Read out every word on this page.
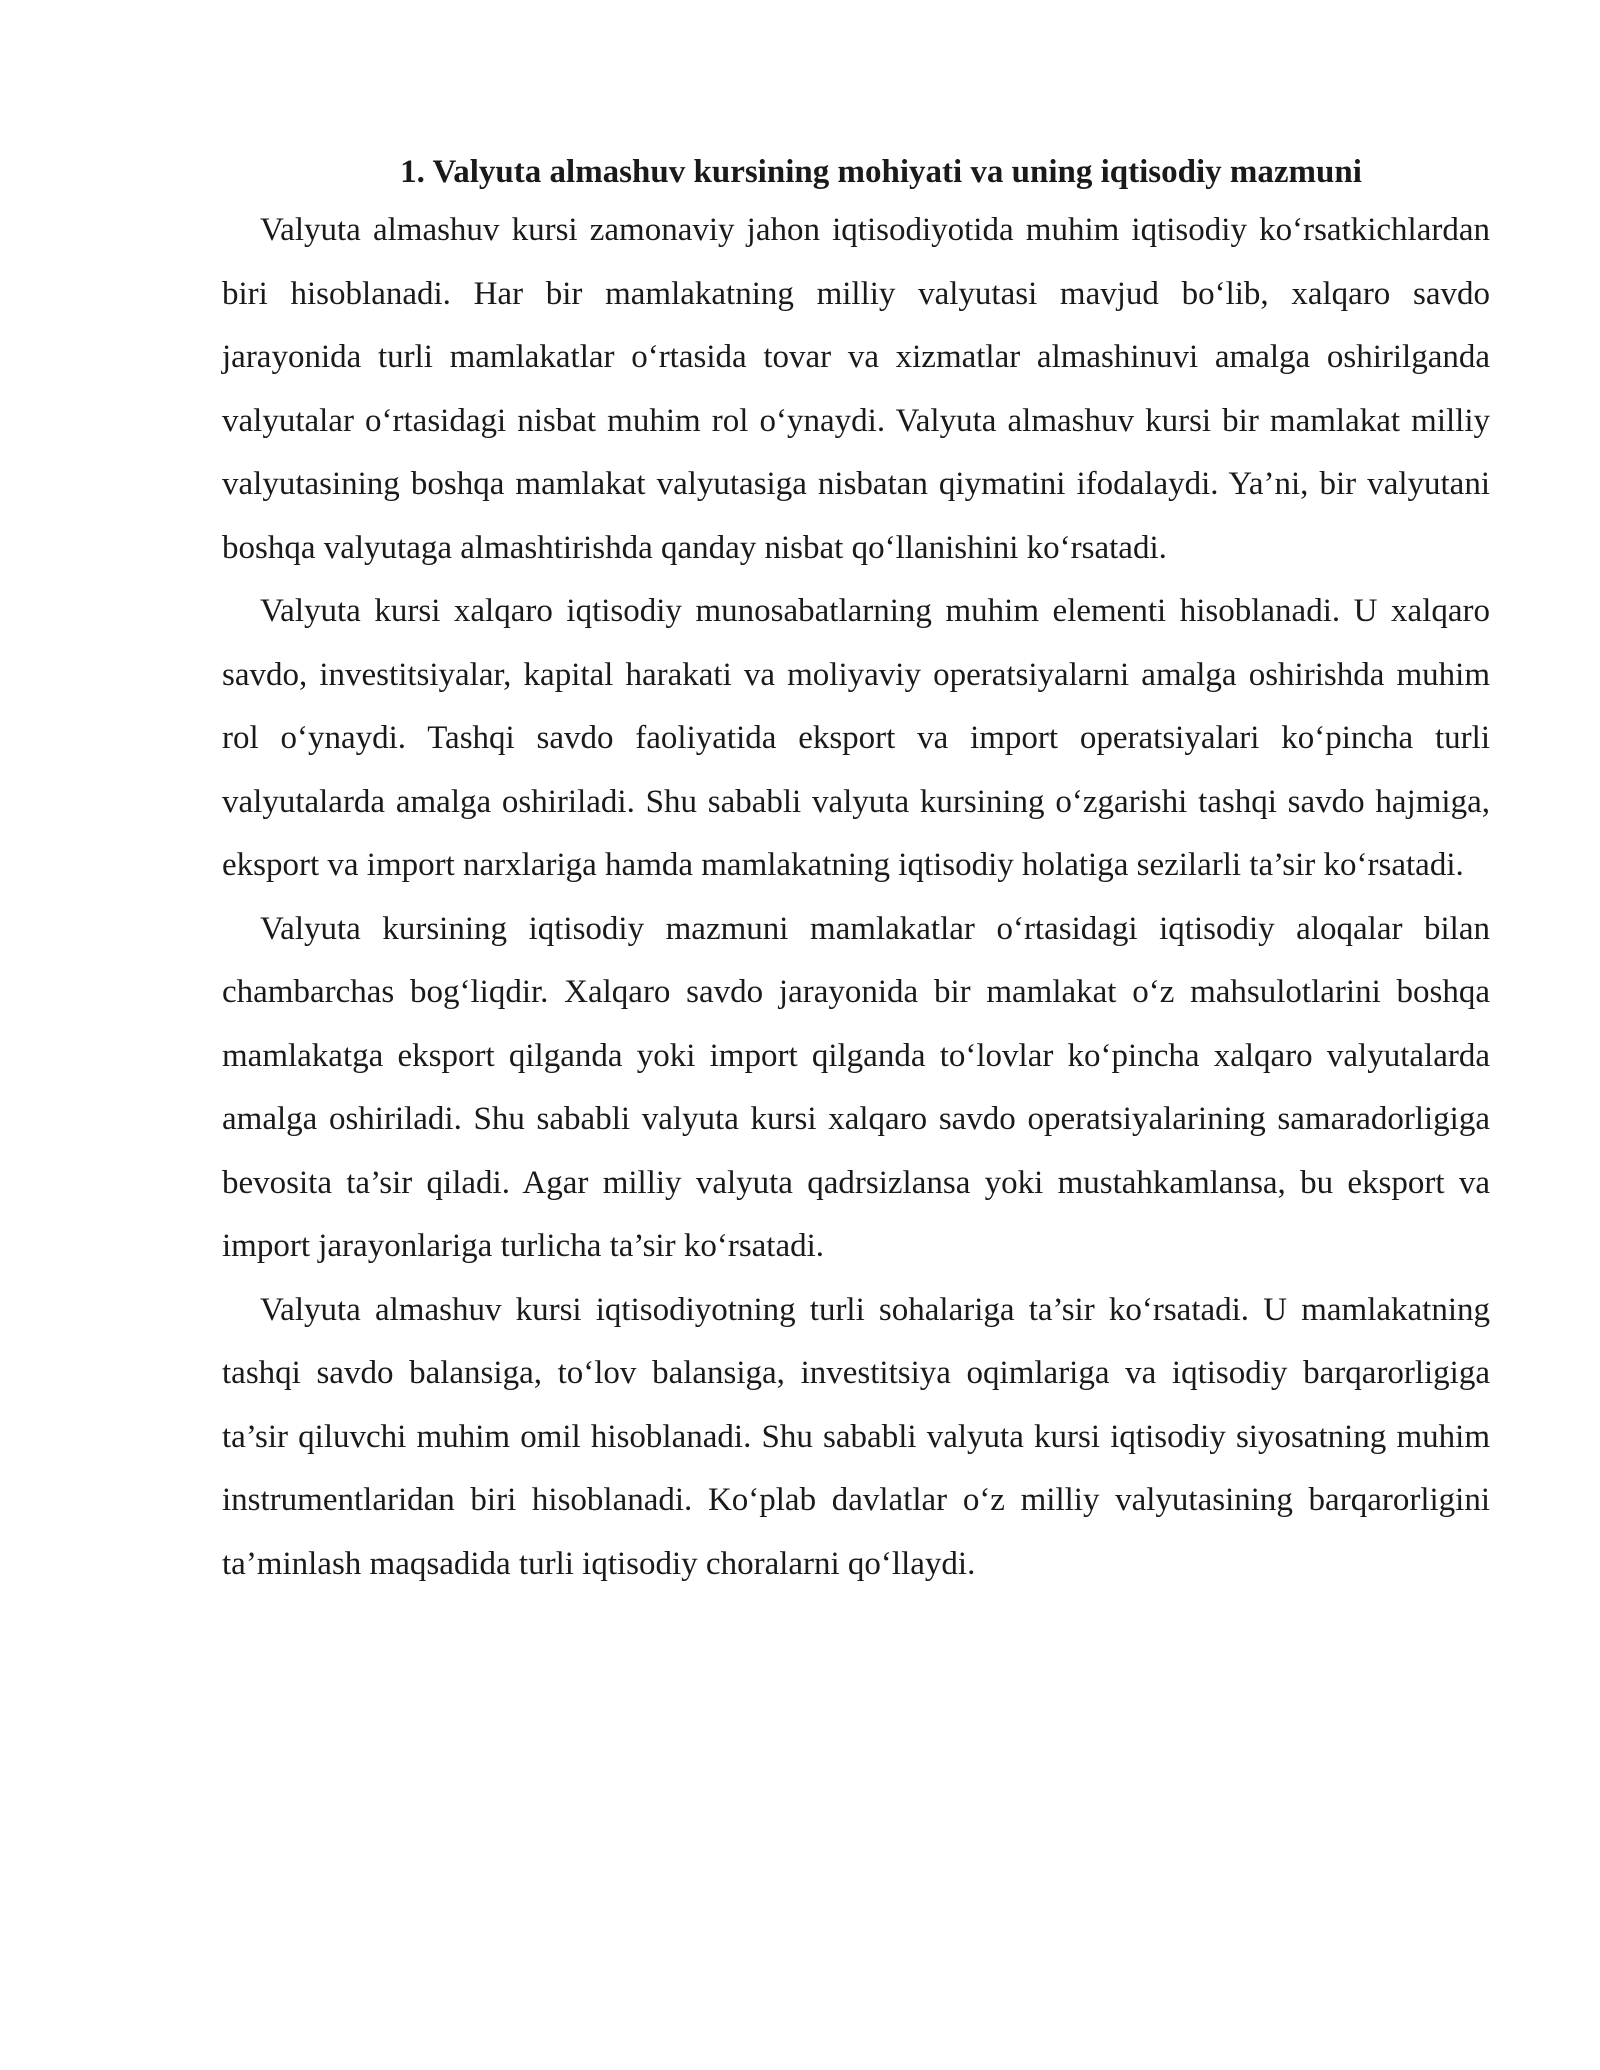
1. Valyuta almashuv kursining mohiyati va uning iqtisodiy mazmuni

Valyuta almashuv kursi zamonaviy jahon iqtisodiyotida muhim iqtisodiy ko‘rsatkichlardan biri hisoblanadi. Har bir mamlakatning milliy valyutasi mavjud bo‘lib, xalqaro savdo jarayonida turli mamlakatlar o‘rtasida tovar va xizmatlar almashinuvi amalga oshirilganda valyutalar o‘rtasidagi nisbat muhim rol o‘ynaydi. Valyuta almashuv kursi bir mamlakat milliy valyutasining boshqa mamlakat valyutasiga nisbatan qiymatini ifodalaydi. Ya’ni, bir valyutani boshqa valyutaga almashtirishda qanday nisbat qo‘llanishini ko‘rsatadi.

Valyuta kursi xalqaro iqtisodiy munosabatlarning muhim elementi hisoblanadi. U xalqaro savdo, investitsiyalar, kapital harakati va moliyaviy operatsiyalarni amalga oshirishda muhim rol o‘ynaydi. Tashqi savdo faoliyatida eksport va import operatsiyalari ko‘pincha turli valyutalarda amalga oshiriladi. Shu sababli valyuta kursining o‘zgarishi tashqi savdo hajmiga, eksport va import narxlariga hamda mamlakatning iqtisodiy holatiga sezilarli ta’sir ko‘rsatadi.

Valyuta kursining iqtisodiy mazmuni mamlakatlar o‘rtasidagi iqtisodiy aloqalar bilan chambarchas bog‘liqdir. Xalqaro savdo jarayonida bir mamlakat o‘z mahsulotlarini boshqa mamlakatga eksport qilganda yoki import qilganda to‘lovlar ko‘pincha xalqaro valyutalarda amalga oshiriladi. Shu sababli valyuta kursi xalqaro savdo operatsiyalarining samaradorligiga bevosita ta’sir qiladi. Agar milliy valyuta qadrsizlansa yoki mustahkamlansa, bu eksport va import jarayonlariga turlicha ta’sir ko‘rsatadi.

Valyuta almashuv kursi iqtisodiyotning turli sohalariga ta’sir ko‘rsatadi. U mamlakatning tashqi savdo balansiga, to‘lov balansiga, investitsiya oqimlariga va iqtisodiy barqarorligiga ta’sir qiluvchi muhim omil hisoblanadi. Shu sababli valyuta kursi iqtisodiy siyosatning muhim instrumentlaridan biri hisoblanadi. Ko‘plab davlatlar o‘z milliy valyutasining barqarorligini ta’minlash maqsadida turli iqtisodiy choralarni qo‘llaydi.
